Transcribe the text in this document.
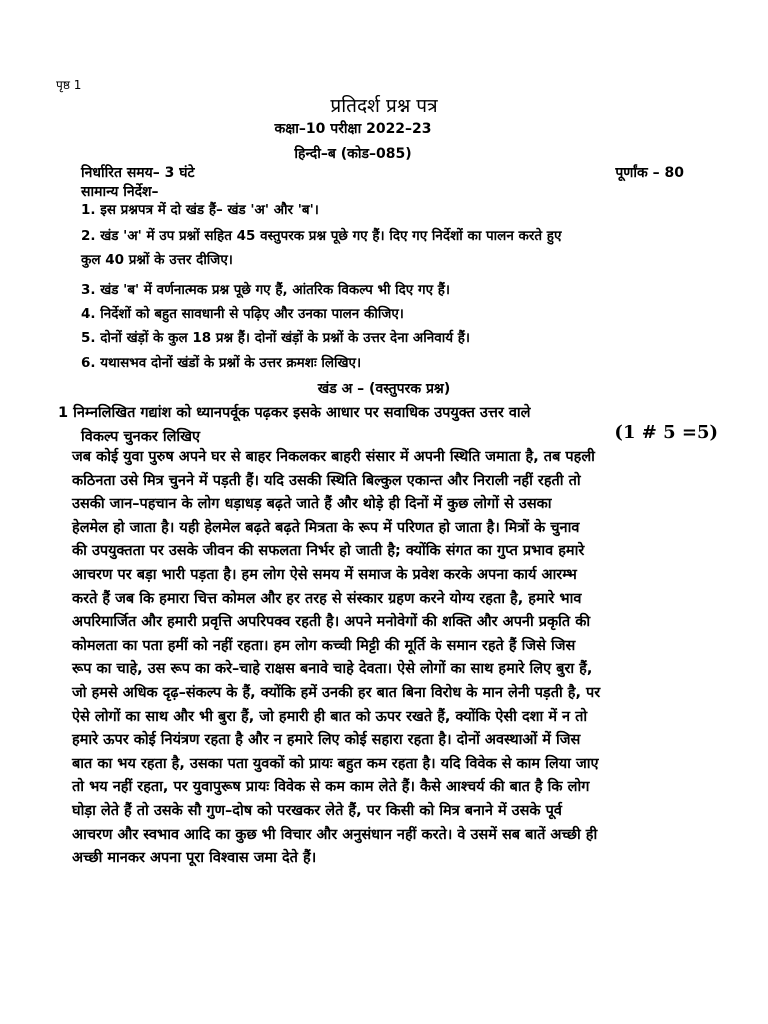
पृष्ठ 1
प्रतिदर्श प्रश्न पत्र
कक्षा–10 परीक्षा 2022–23
हिन्दी–ब (कोड–085)
निर्धारित समय– 3 घंटे	पूर्णांक – 80
सामान्य निर्देश–
1. इस प्रश्नपत्र में दो खंड हैं– खंड 'अ' और 'ब'।
2. खंड 'अ' में उप प्रश्नों सहित 45 वस्तुपरक प्रश्न पूछे गए हैं। दिए गए निर्देशों का पालन करते हुए
कुल 40 प्रश्नों के उत्तर दीजिए।
3. खंड 'ब' में वर्णनात्मक प्रश्न पूछे गए हैं, आंतरिक विकल्प भी दिए गए हैं।
4. निर्देशों को बहुत सावधानी से पढ़िए और उनका पालन कीजिए।
5. दोनों खंड़ों के कुल 18 प्रश्न हैं। दोनों खंड़ों के प्रश्नों के उत्तर देना अनिवार्य हैं।
6. यथासभव दोनों खंडों के प्रश्नों के उत्तर क्रमशः लिखिए।
खंड अ – (वस्तुपरक प्रश्न)
1 निम्नलिखित गद्यांश को ध्यानपर्वूक पढ़कर इसके आधार पर सवाधिक उपयुक्त उत्तर वाले
विकल्प चुनकर लिखिए	(1 # 5 =5)
जब कोई युवा पुरुष अपने घर से बाहर निकलकर बाहरी संसार में अपनी स्थिति जमाता है, तब पहली
कठिनता उसे मित्र चुनने में पड़ती हैं। यदि उसकी स्थिति बिल्कुल एकान्त और निराली नहीं रहती तो
उसकी जान–पहचान के लोग धड़ाधड़ बढ़ते जाते हैं और थोड़े ही दिनों में कुछ लोगों से उसका
हेलमेल हो जाता है। यही हेलमेल बढ़ते बढ़ते मित्रता के रूप में परिणत हो जाता है। मित्रों के चुनाव
की उपयुक्तता पर उसके जीवन की सफलता निर्भर हो जाती है; क्योंकि संगत का गुप्त प्रभाव हमारे
आचरण पर बड़ा भारी पड़ता है। हम लोग ऐसे समय में समाज के प्रवेश करके अपना कार्य आरम्भ
करते हैं जब कि हमारा चित्त कोमल और हर तरह से संस्कार ग्रहण करने योग्य रहता है, हमारे भाव
अपरिमार्जित और हमारी प्रवृत्ति अपरिपक्व रहती है। अपने मनोवेगों की शक्ति और अपनी प्रकृति की
कोमलता का पता हमीं को नहीं रहता। हम लोग कच्ची मिट्टी की मूर्ति के समान रहते हैं जिसे जिस
रूप का चाहे, उस रूप का करे–चाहे राक्षस बनावे चाहे देवता। ऐसे लोगों का साथ हमारे लिए बुरा हैं,
जो हमसे अधिक दृढ़–संकल्प के हैं, क्योंकि हमें उनकी हर बात बिना विरोध के मान लेनी पड़ती है, पर
ऐसे लोगों का साथ और भी बुरा हैं, जो हमारी ही बात को ऊपर रखते हैं, क्योंकि ऐसी दशा में न तो
हमारे ऊपर कोई नियंत्रण रहता है और न हमारे लिए कोई सहारा रहता है। दोनों अवस्थाओं में जिस
बात का भय रहता है, उसका पता युवकों को प्रायः बहुत कम रहता है। यदि विवेक से काम लिया जाए
तो भय नहीं रहता, पर युवापुरूष प्रायः विवेक से कम काम लेते हैं। कैसे आश्चर्य की बात है कि लोग
घोड़ा लेते हैं तो उसके सौ गुण–दोष को परखकर लेते हैं, पर किसी को मित्र बनाने में उसके पूर्व
आचरण और स्वभाव आदि का कुछ भी विचार और अनुसंधान नहीं करते। वे उसमें सब बातें अच्छी ही
अच्छी मानकर अपना पूरा विश्वास जमा देते हैं।
